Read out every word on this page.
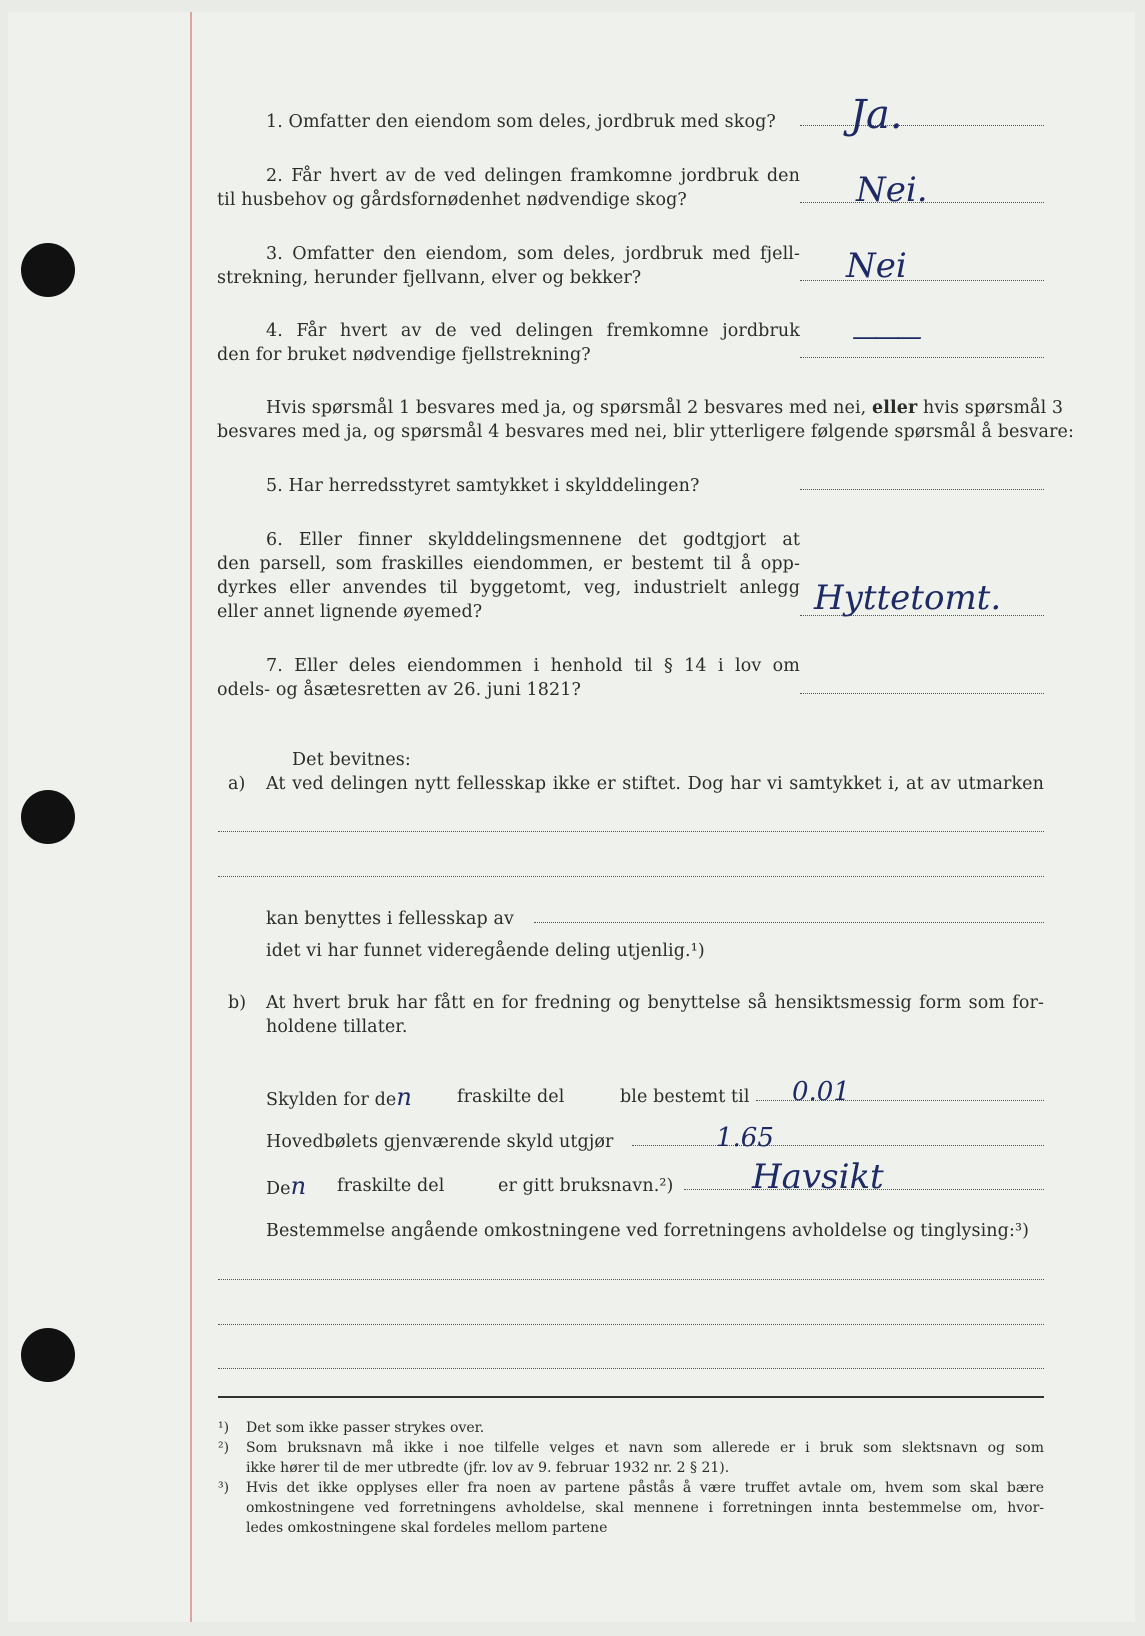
1. Omfatter den eiendom som deles, jordbruk med skog? Ja.
2. Får hvert av de ved delingen framkomne jordbruk den
til husbehov og gårdsfornødenhet nødvendige skog?	Nei.
3. Omfatter den eiendom, som deles, jordbruk med fjell-
strekning, herunder fjellvann, elver og bekker?	Nei
4. Får hvert av de ved delingen fremkomne jordbruk
den for bruket nødvendige fjellstrekning?
———
Hvis spørsmål 1 besvares med ja, og spørsmål 2 besvares med nei, eller hvis spørsmål 3
besvares med ja, og spørsmål 4 besvares med nei, blir ytterligere følgende spørsmål å besvare:
5. Har herredsstyret samtykket i skylddelingen?
6. Eller finner skylddelingsmennene det godtgjort at
den parsell, som fraskilles eiendommen, er bestemt til å opp-
dyrkes eller anvendes til byggetomt, veg, industrielt anlegg
eller annet lignende øyemed?	Hyttetomt.
7. Eller deles eiendommen i henhold til § 14 i lov om
odels- og åsætesretten av 26. juni 1821?
Det bevitnes:
a) At ved delingen nytt fellesskap ikke er stiftet. Dog har vi samtykket i, at av utmarken
kan benyttes i fellesskap av
idet vi har funnet videregående deling utjenlig.¹)
b) At hvert bruk har fått en for fredning og benyttelse så hensiktsmessig form som for-
holdene tillater.
Skylden for den	fraskilte del	ble bestemt til 0.01
Hovedbølets gjenværende skyld utgjør	1.65
Den fraskilte del	er gitt bruksnavn.²) Havsikt
Bestemmelse angående omkostningene ved forretningens avholdelse og tinglysing:³)
¹) Det som ikke passer strykes over.
²) Som bruksnavn må ikke i noe tilfelle velges et navn som allerede er i bruk som slektsnavn og som
ikke hører til de mer utbredte (jfr. lov av 9. februar 1932 nr. 2 § 21).
³) Hvis det ikke opplyses eller fra noen av partene påstås å være truffet avtale om, hvem som skal bære
omkostningene ved forretningens avholdelse, skal mennene i forretningen innta bestemmelse om, hvor-
ledes omkostningene skal fordeles mellom partene
